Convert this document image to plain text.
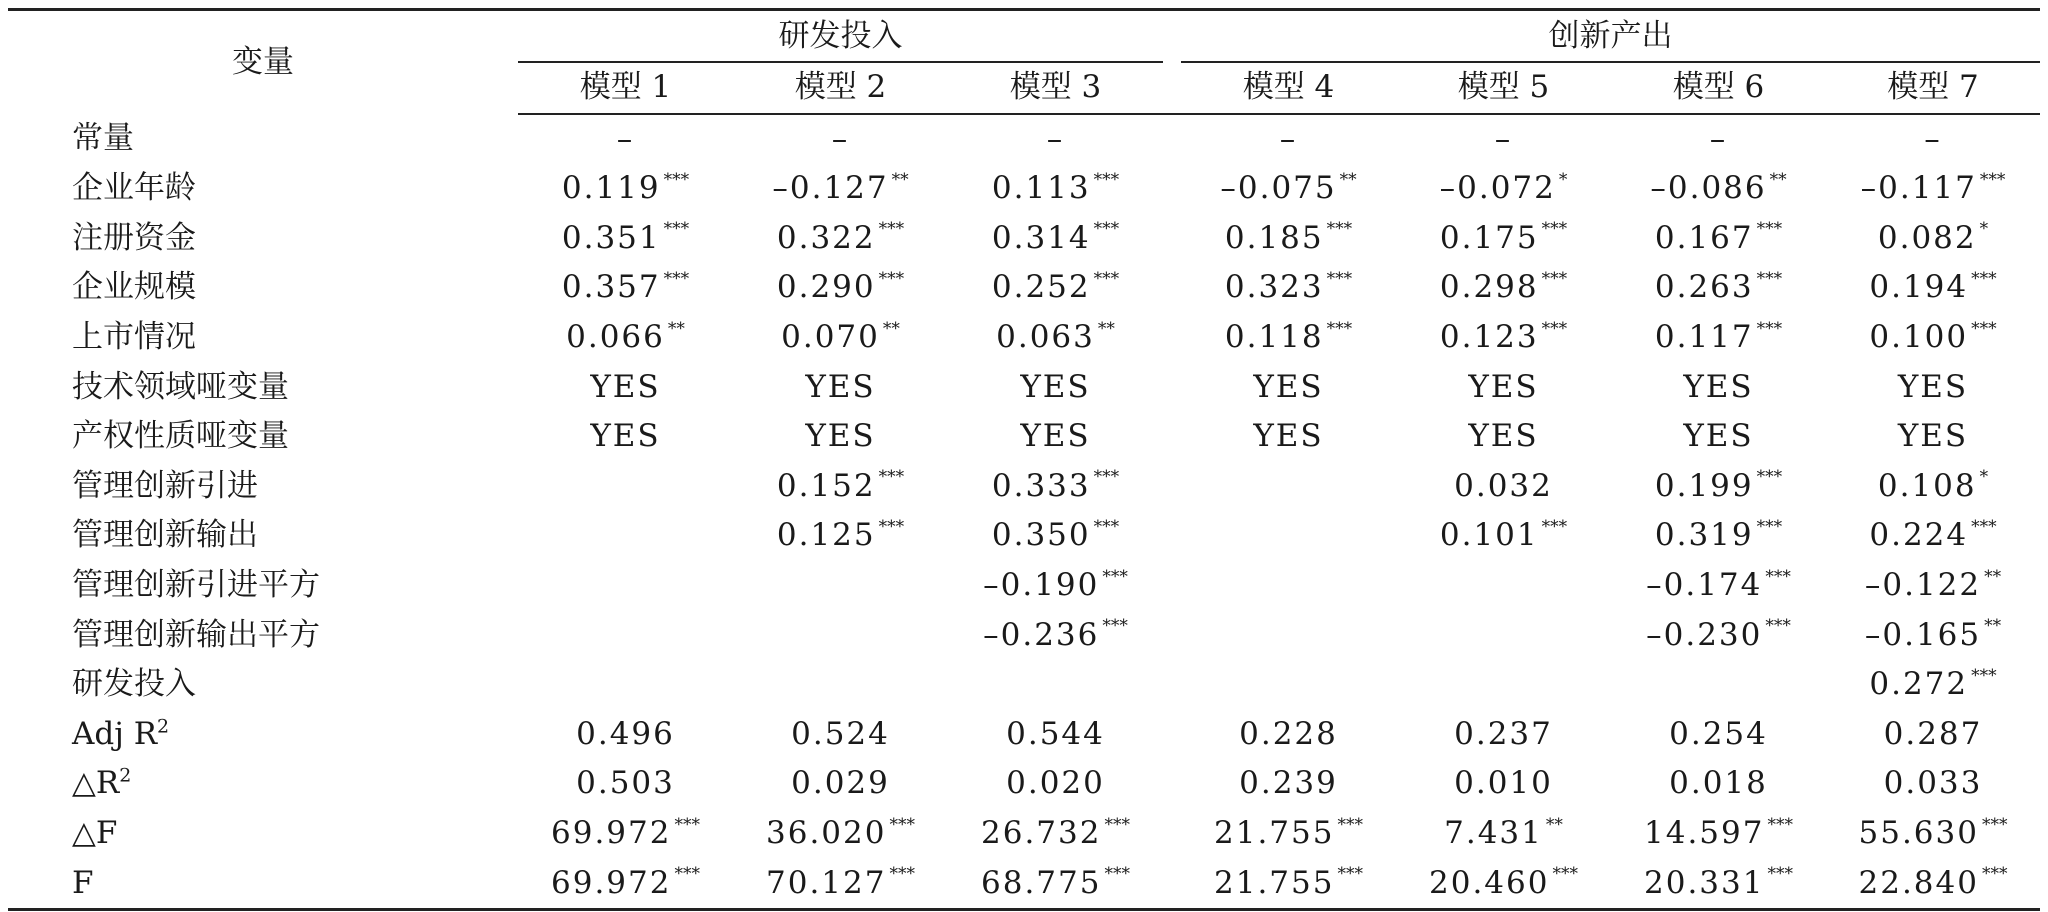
变量	研发投入				创新产出			
	模型 1	模型 2	模型 3		模型 4	模型 5	模型 6	模型 7
常量	–	–	–		–	–	–	–
企业年龄	0.119 ***	–0.127 **	0.113 ***		–0.075 **	–0.072 *	–0.086 **	–0.117 ***
注册资金	0.351 ***	0.322 ***	0.314 ***		0.185 ***	0.175 ***	0.167 ***	0.082 *
企业规模	0.357 ***	0.290 ***	0.252 ***		0.323 ***	0.298 ***	0.263 ***	0.194 ***
上市情况	0.066 **	0.070 **	0.063 **		0.118 ***	0.123 ***	0.117 ***	0.100 ***
技术领域哑变量	YES	YES	YES		YES	YES	YES	YES
产权性质哑变量	YES	YES	YES		YES	YES	YES	YES
管理创新引进		0.152 ***	0.333 ***			0.032	0.199 ***	0.108 *
管理创新输出		0.125 ***	0.350 ***			0.101 ***	0.319 ***	0.224 ***
管理创新引进平方			–0.190 ***				–0.174 ***	–0.122 **
管理创新输出平方			–0.236 ***				–0.230 ***	–0.165 **
研发投入								0.272 ***
Adj $R^2$	0.496	0.524	0.544		0.228	0.237	0.254	0.287
$\triangle R^2$	0.503	0.029	0.020		0.239	0.010	0.018	0.033
△F	69.972 ***	36.020 ***	26.732 ***		21.755 ***	7.431 **	14.597 ***	55.630 ***
F	69.972 ***	70.127 ***	68.775 ***		21.755 ***	20.460 ***	20.331 ***	22.840 ***
